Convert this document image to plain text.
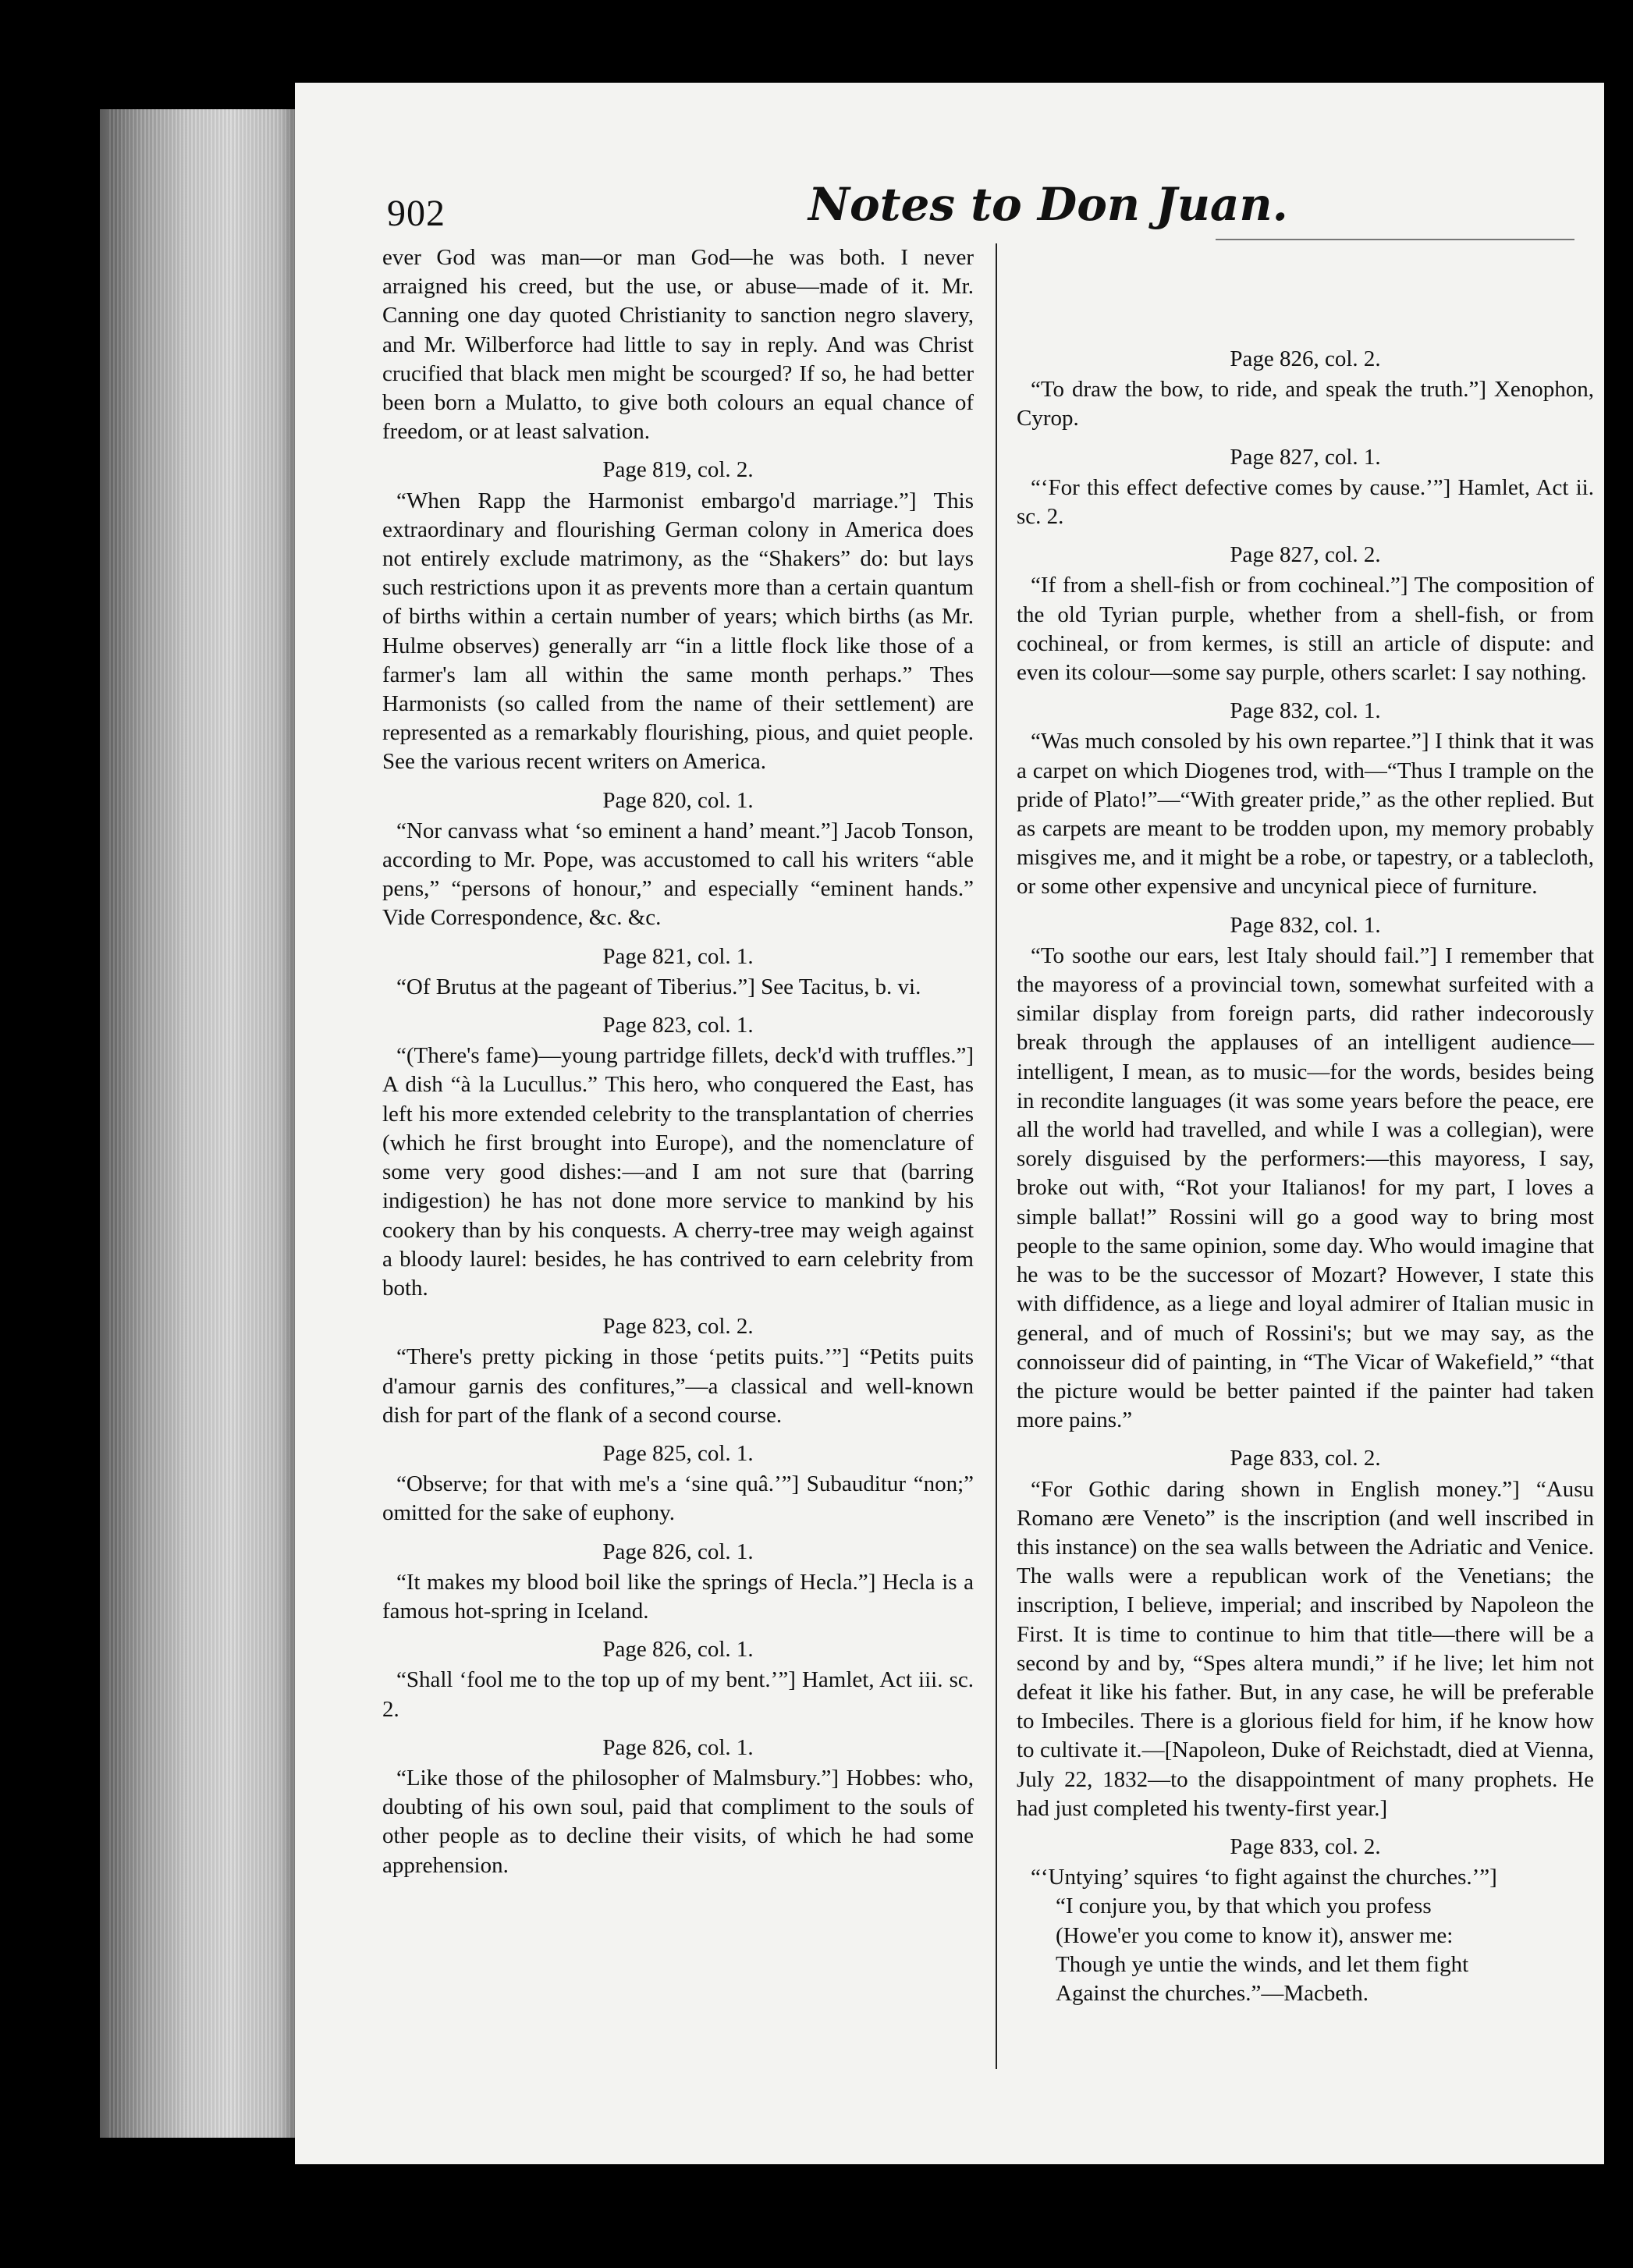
902	Notes to Don Juan.

ever God was man—or man God—he was both. I never arraigned his creed, but the use, or abuse—made of it. Mr. Canning one day quoted Christianity to sanction negro slavery, and Mr. Wilberforce had little to say in reply. And was Christ crucified that black men might be scourged? If so, he had better been born a Mulatto, to give both colours an equal chance of freedom, or at least salvation.

Page 819, col. 2.

“When Rapp the Harmonist embargo'd marriage.”] This extraordinary and flourishing German colony in America does not entirely exclude matrimony, as the “Shakers” do: but lays such restrictions upon it as prevents more than a certain quantum of births within a certain number of years; which births (as Mr. Hulme observes) generally arr “in a little flock like those of a farmer's lam all within the same month perhaps.” Thes Harmonists (so called from the name of their settlement) are represented as a remarkably flourishing, pious, and quiet people. See the various recent writers on America.

Page 820, col. 1.

“Nor canvass what ‘so eminent a hand’ meant.”] Jacob Tonson, according to Mr. Pope, was accustomed to call his writers “able pens,” “persons of honour,” and especially “eminent hands.” Vide Correspondence, &c. &c.

Page 821, col. 1.

“Of Brutus at the pageant of Tiberius.”] See Tacitus, b. vi.

Page 823, col. 1.

“(There's fame)—young partridge fillets, deck'd with truffles.”] A dish “à la Lucullus.” This hero, who conquered the East, has left his more extended celebrity to the transplantation of cherries (which he first brought into Europe), and the nomenclature of some very good dishes:—and I am not sure that (barring indigestion) he has not done more service to mankind by his cookery than by his conquests. A cherry-tree may weigh against a bloody laurel: besides, he has contrived to earn celebrity from both.

Page 823, col. 2.

“There's pretty picking in those ‘petits puits.’”] “Petits puits d'amour garnis des confitures,”—a classical and well-known dish for part of the flank of a second course.

Page 825, col. 1.

“Observe; for that with me's a ‘sine quâ.’”] Subauditur “non;” omitted for the sake of euphony.

Page 826, col. 1.

“It makes my blood boil like the springs of Hecla.”] Hecla is a famous hot-spring in Iceland.

Page 826, col. 1.

“Shall ‘fool me to the top up of my bent.’”] Hamlet, Act iii. sc. 2.

Page 826, col. 1.

“Like those of the philosopher of Malmsbury.”] Hobbes: who, doubting of his own soul, paid that compliment to the souls of other people as to decline their visits, of which he had some apprehension.

Page 826, col. 2.

“To draw the bow, to ride, and speak the truth.”] Xenophon, Cyrop.

Page 827, col. 1.

“‘For this effect defective comes by cause.’”] Hamlet, Act ii. sc. 2.

Page 827, col. 2.

“If from a shell-fish or from cochineal.”] The composition of the old Tyrian purple, whether from a shell-fish, or from cochineal, or from kermes, is still an article of dispute: and even its colour—some say purple, others scarlet: I say nothing.

Page 832, col. 1.

“Was much consoled by his own repartee.”] I think that it was a carpet on which Diogenes trod, with—“Thus I trample on the pride of Plato!”—“With greater pride,” as the other replied. But as carpets are meant to be trodden upon, my memory probably misgives me, and it might be a robe, or tapestry, or a tablecloth, or some other expensive and uncynical piece of furniture.

Page 832, col. 1.

“To soothe our ears, lest Italy should fail.”] I remember that the mayoress of a provincial town, somewhat surfeited with a similar display from foreign parts, did rather indecorously break through the applauses of an intelligent audience—intelligent, I mean, as to music—for the words, besides being in recondite languages (it was some years before the peace, ere all the world had travelled, and while I was a collegian), were sorely disguised by the performers:—this mayoress, I say, broke out with, “Rot your Italianos! for my part, I loves a simple ballat!” Rossini will go a good way to bring most people to the same opinion, some day. Who would imagine that he was to be the successor of Mozart? However, I state this with diffidence, as a liege and loyal admirer of Italian music in general, and of much of Rossini's; but we may say, as the connoisseur did of painting, in “The Vicar of Wakefield,” “that the picture would be better painted if the painter had taken more pains.”

Page 833, col. 2.

“For Gothic daring shown in English money.”] “Ausu Romano ære Veneto” is the inscription (and well inscribed in this instance) on the sea walls between the Adriatic and Venice. The walls were a republican work of the Venetians; the inscription, I believe, imperial; and inscribed by Napoleon the First. It is time to continue to him that title—there will be a second by and by, “Spes altera mundi,” if he live; let him not defeat it like his father. But, in any case, he will be preferable to Imbeciles. There is a glorious field for him, if he know how to cultivate it.—[Napoleon, Duke of Reichstadt, died at Vienna, July 22, 1832—to the disappointment of many prophets. He had just completed his twenty-first year.]

Page 833, col. 2.

“‘Untying’ squires ‘to fight against the churches.’”]

“I conjure you, by that which you profess

(Howe'er you come to know it), answer me:

Though ye untie the winds, and let them fight

Against the churches.”—Macbeth.
